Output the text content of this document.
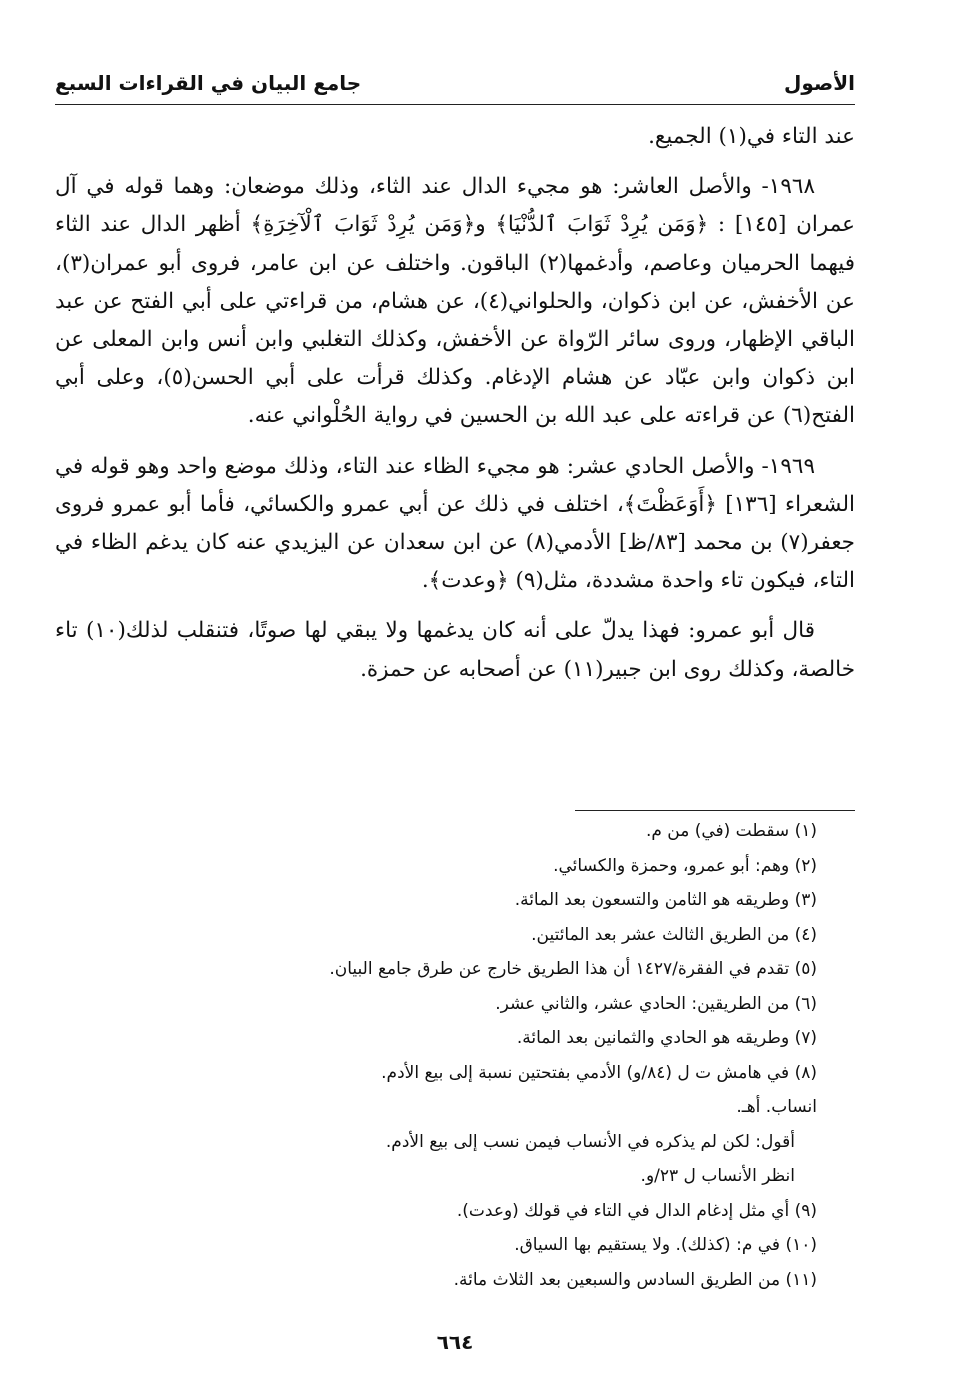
الأصول
جامع البيان في القراءات السبع

عند التاء في(١) الجميع.

١٩٦٨- والأصل العاشر: هو مجيء الدال عند الثاء، وذلك موضعان: وهما قوله في آل عمران [١٤٥] : ﴿وَمَن يُرِدْ ثَوَابَ ٱلدُّنْيَا﴾ و﴿وَمَن يُرِدْ ثَوَابَ ٱلْآخِرَةِ﴾ أظهر الدال عند الثاء فيهما الحرميان وعاصم، وأدغمها(٢) الباقون. واختلف عن ابن عامر، فروى أبو عمران(٣)، عن الأخفش، عن ابن ذكوان، والحلواني(٤)، عن هشام، من قراءتي على أبي الفتح عن عبد الباقي الإظهار، وروى سائر الرّواة عن الأخفش، وكذلك التغلبي وابن أنس وابن المعلى عن ابن ذكوان وابن عبّاد عن هشام الإدغام. وكذلك قرأت على أبي الحسن(٥)، وعلى أبي الفتح(٦) عن قراءته على عبد الله بن الحسين في رواية الحُلْواني عنه.

١٩٦٩- والأصل الحادي عشر: هو مجيء الظاء عند التاء، وذلك موضع واحد وهو قوله في الشعراء [١٣٦] ﴿أَوَعَظْتَ﴾، اختلف في ذلك عن أبي عمرو والكسائي، فأما أبو عمرو فروى جعفر(٧) بن محمد [٨٣/ظ] الأدمي(٨) عن ابن سعدان عن اليزيدي عنه كان يدغم الظاء في التاء، فيكون تاء واحدة مشددة، مثل(٩) ﴿وعدت﴾.

قال أبو عمرو: فهذا يدلّ على أنه كان يدغمها ولا يبقي لها صوتًا، فتنقلب لذلك(١٠) تاء خالصة، وكذلك روى ابن جبير(١١) عن أصحابه عن حمزة.

(١) سقطت (في) من م.

(٢) وهم: أبو عمرو، وحمزة والكسائي.

(٣) وطريقه هو الثامن والتسعون بعد المائة.

(٤) من الطريق الثالث عشر بعد المائتين.

(٥) تقدم في الفقرة/١٤٢٧ أن هذا الطريق خارج عن طرق جامع البيان.

(٦) من الطريقين: الحادي عشر، والثاني عشر.

(٧) وطريقه هو الحادي والثمانين بعد المائة.

(٨) في هامش ت ل (٨٤/و) الأدمي بفتحتين نسبة إلى بيع الأدم.

انساب. أهـ.

أقول: لكن لم يذكره في الأنساب فيمن نسب إلى بيع الأدم.

انظر الأنساب ل ٢٣/و.

(٩) أي مثل إدغام الدال في التاء في قولك (وعدت).

(١٠) في م: (كذلك). ولا يستقيم بها السياق.

(١١) من الطريق السادس والسبعين بعد الثلاث مائة.

٦٦٤
